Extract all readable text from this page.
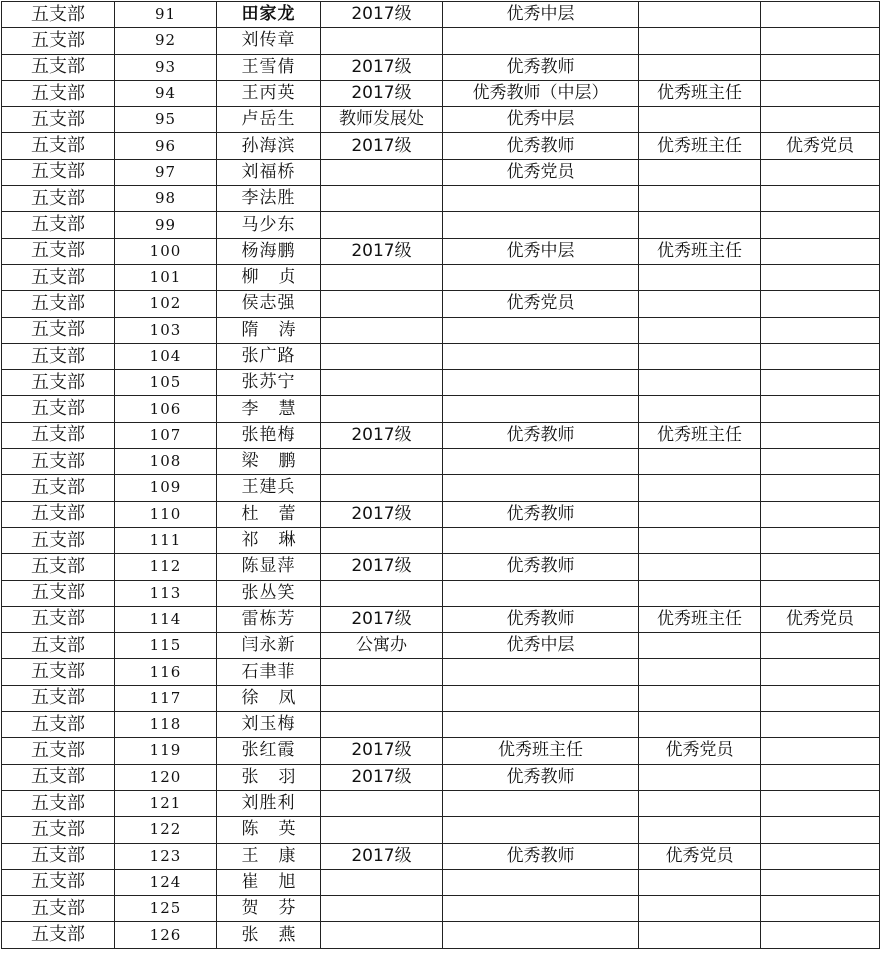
五支部	91	田家龙	2017级	优秀中层		
五支部	92	刘传章				
五支部	93	王雪倩	2017级	优秀教师		
五支部	94	王丙英	2017级	优秀教师（中层）	优秀班主任	
五支部	95	卢岳生	教师发展处	优秀中层		
五支部	96	孙海滨	2017级	优秀教师	优秀班主任	优秀党员
五支部	97	刘福桥		优秀党员		
五支部	98	李法胜				
五支部	99	马少东				
五支部	100	杨海鹏	2017级	优秀中层	优秀班主任	
五支部	101	柳贞				
五支部	102	侯志强		优秀党员		
五支部	103	隋涛				
五支部	104	张广路				
五支部	105	张苏宁				
五支部	106	李慧				
五支部	107	张艳梅	2017级	优秀教师	优秀班主任	
五支部	108	梁鹏				
五支部	109	王建兵				
五支部	110	杜蕾	2017级	优秀教师		
五支部	111	祁琳				
五支部	112	陈显萍	2017级	优秀教师		
五支部	113	张丛笑				
五支部	114	雷栋芳	2017级	优秀教师	优秀班主任	优秀党员
五支部	115	闫永新	公寓办	优秀中层		
五支部	116	石聿菲				
五支部	117	徐凤				
五支部	118	刘玉梅				
五支部	119	张红霞	2017级	优秀班主任	优秀党员	
五支部	120	张羽	2017级	优秀教师		
五支部	121	刘胜利				
五支部	122	陈英				
五支部	123	王康	2017级	优秀教师	优秀党员	
五支部	124	崔旭				
五支部	125	贺芬				
五支部	126	张燕				
